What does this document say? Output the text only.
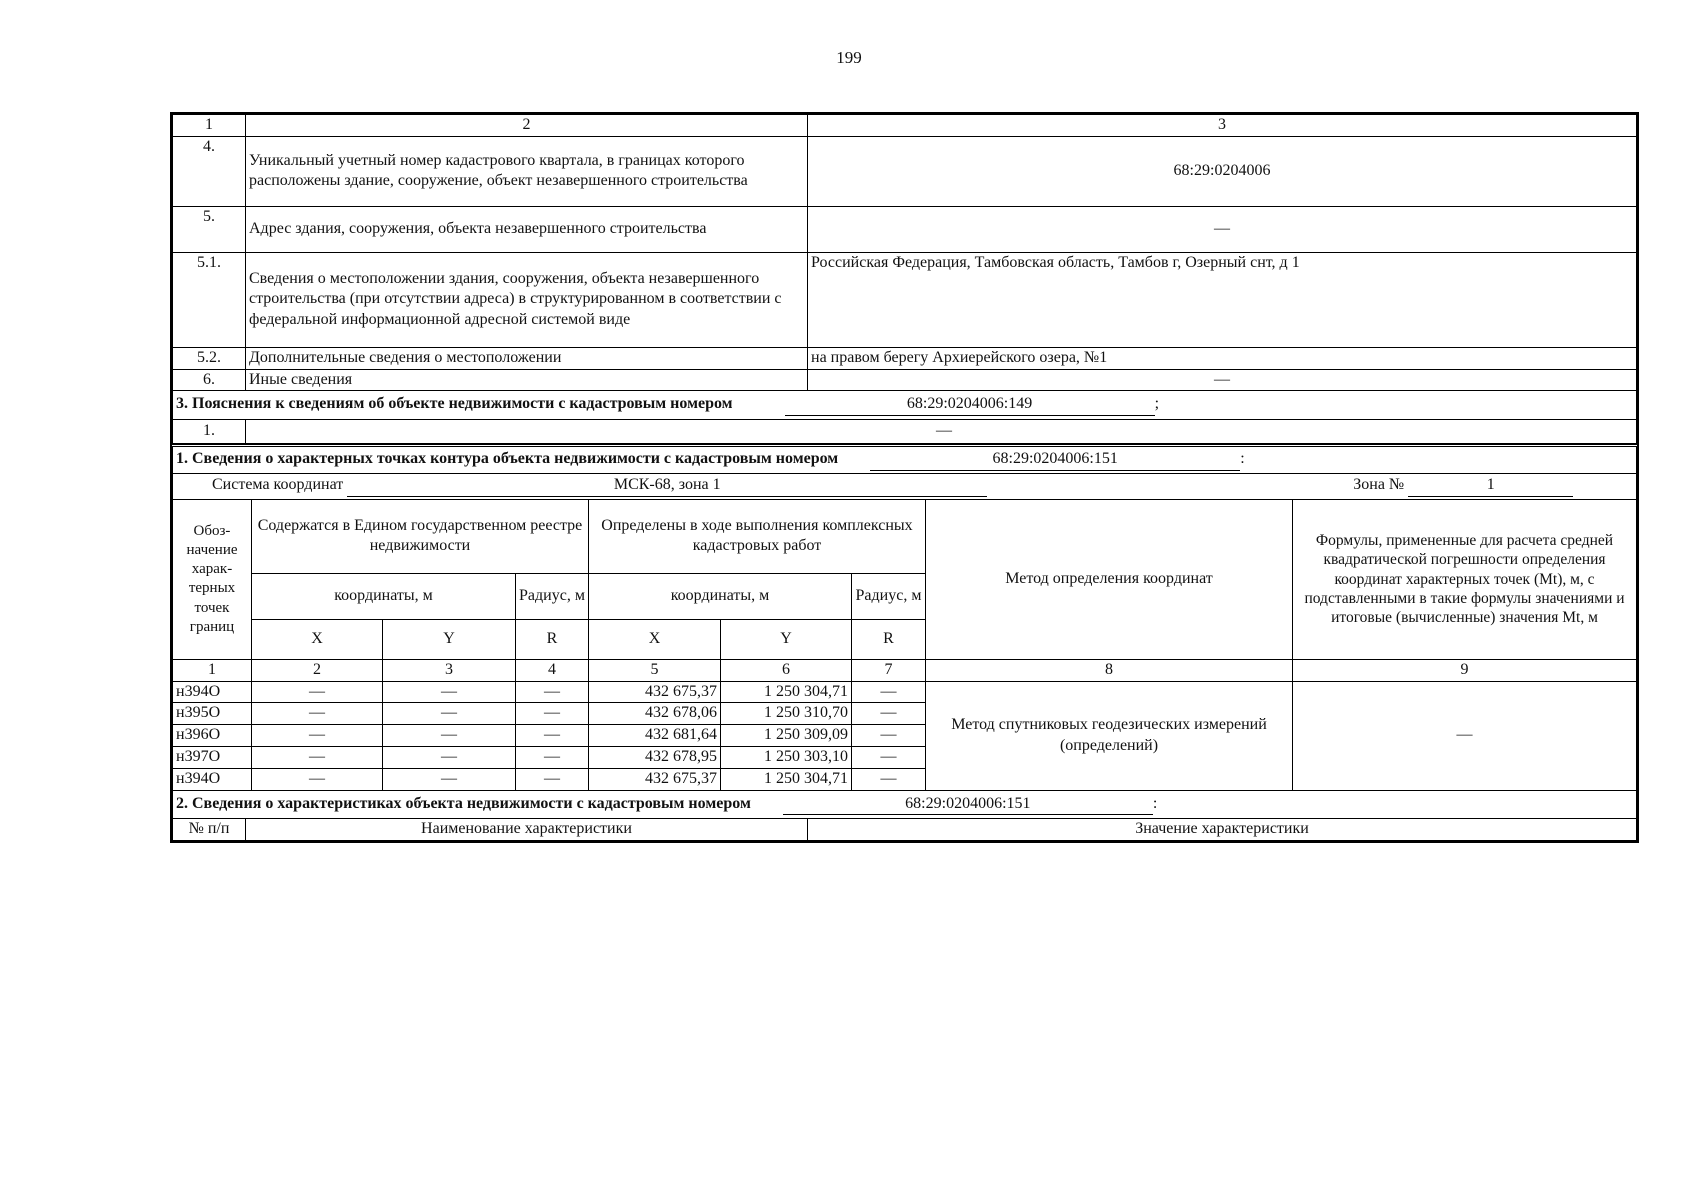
199
1	2	3
4.	Уникальный учетный номер кадастрового квартала, в границах которого расположены здание, сооружение, объект незавершенного строительства	68:29:0204006
5.	Адрес здания, сооружения, объекта незавершенного строительства	—
5.1.	Сведения о местоположении здания, сооружения, объекта незавершенного строительства (при отсутствии адреса) в структурированном в соответствии с федеральной информационной адресной системой виде	Российская Федерация, Тамбовская область, Тамбов г, Озерный снт, д 1
5.2.	Дополнительные сведения о местоположении	на правом берегу Архиерейского озера, №1
6.	Иные сведения	—
3. Пояснения к сведениям об объекте недвижимости с кадастровым номером	68:29:0204006:149	;
1.	—
1. Сведения о характерных точках контура объекта недвижимости с кадастровым номером 68:29:0204006:151 :								
Система координат МСК-68, зона 1 Зона № 1								
Обоз-начение харак-терных точек границ	Содержатся в Едином государственном реестре недвижимости			Определены в ходе выполнения комплексных кадастровых работ			Метод определения координат	Формулы, примененные для расчета средней квадратической погрешности определения координат характерных точек (Mt), м, с подставленными в такие формулы значениями и итоговые (вычисленные) значения Mt, м
	координаты, м		Радиус, м	координаты, м		Радиус, м		
	X	Y	R	X	Y	R		
1	2	3	4	5	6	7	8	9
н394О	—	—	—	432 675,37	1 250 304,71	—	Метод спутниковых геодезических измерений (определений)	—
н395О	—	—	—	432 678,06	1 250 310,70	—		
н396О	—	—	—	432 681,64	1 250 309,09	—		
н397О	—	—	—	432 678,95	1 250 303,10	—		
н394О	—	—	—	432 675,37	1 250 304,71	—		
2. Сведения о характеристиках объекта недвижимости с кадастровым номером	68:29:0204006:151	:
№ п/п	Наименование характеристики	Значение характеристики
